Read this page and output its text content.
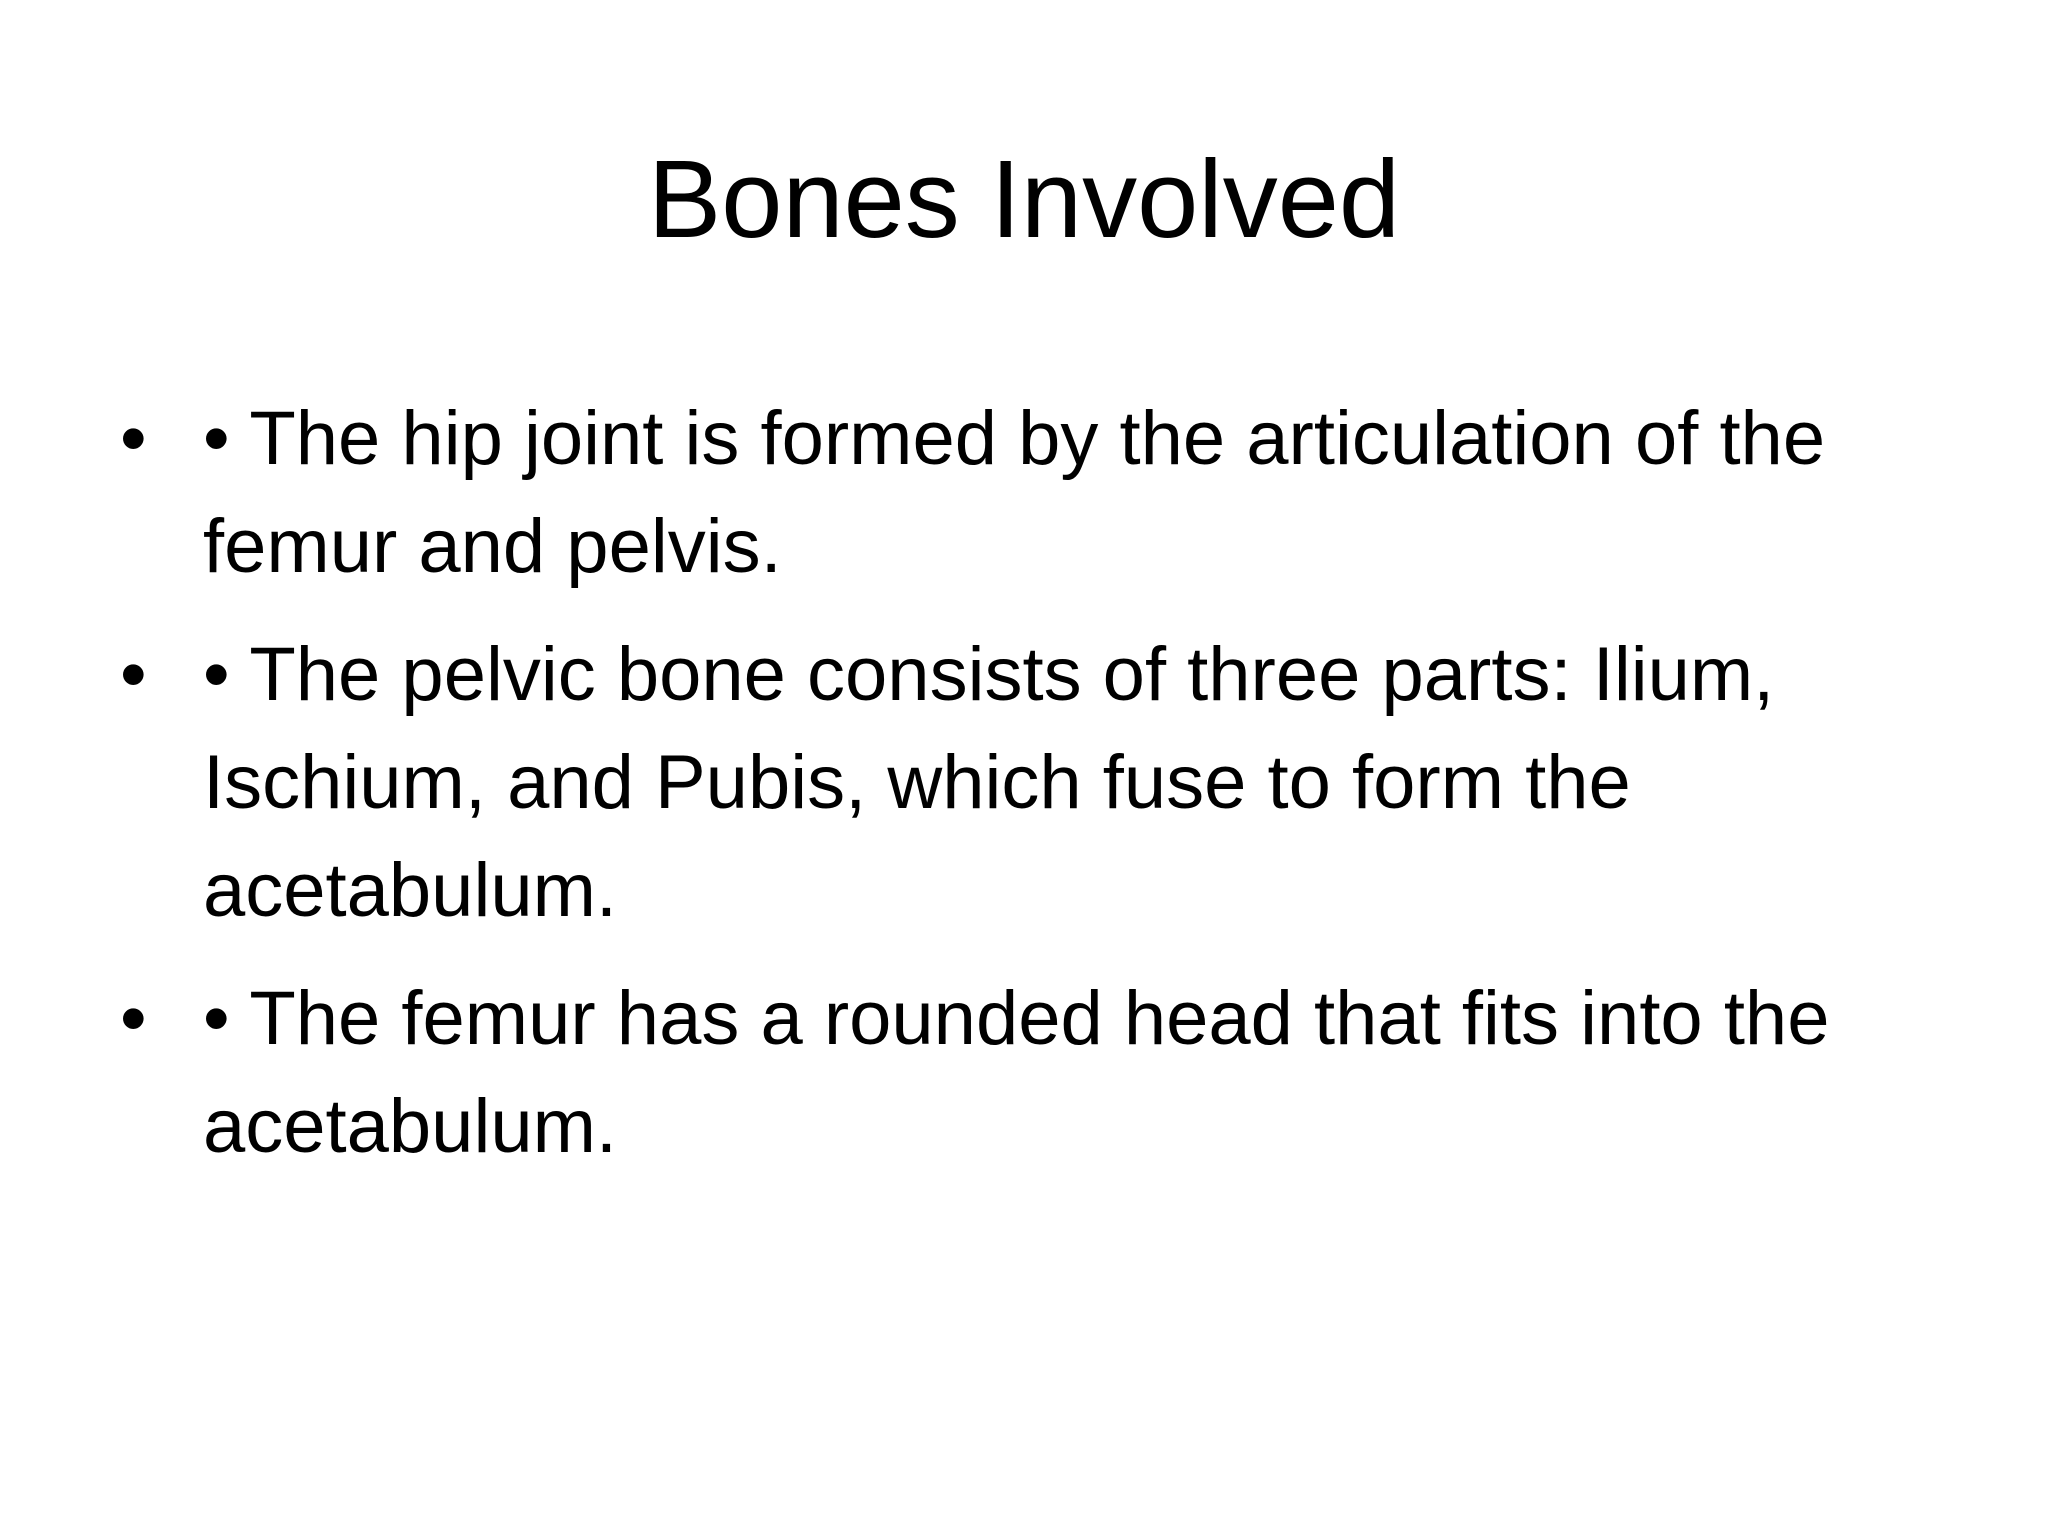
Bones Involved
• • The hip joint is formed by the articulation of the femur and pelvis.
• • The pelvic bone consists of three parts: Ilium, Ischium, and Pubis, which fuse to form the acetabulum.
• • The femur has a rounded head that fits into the acetabulum.
